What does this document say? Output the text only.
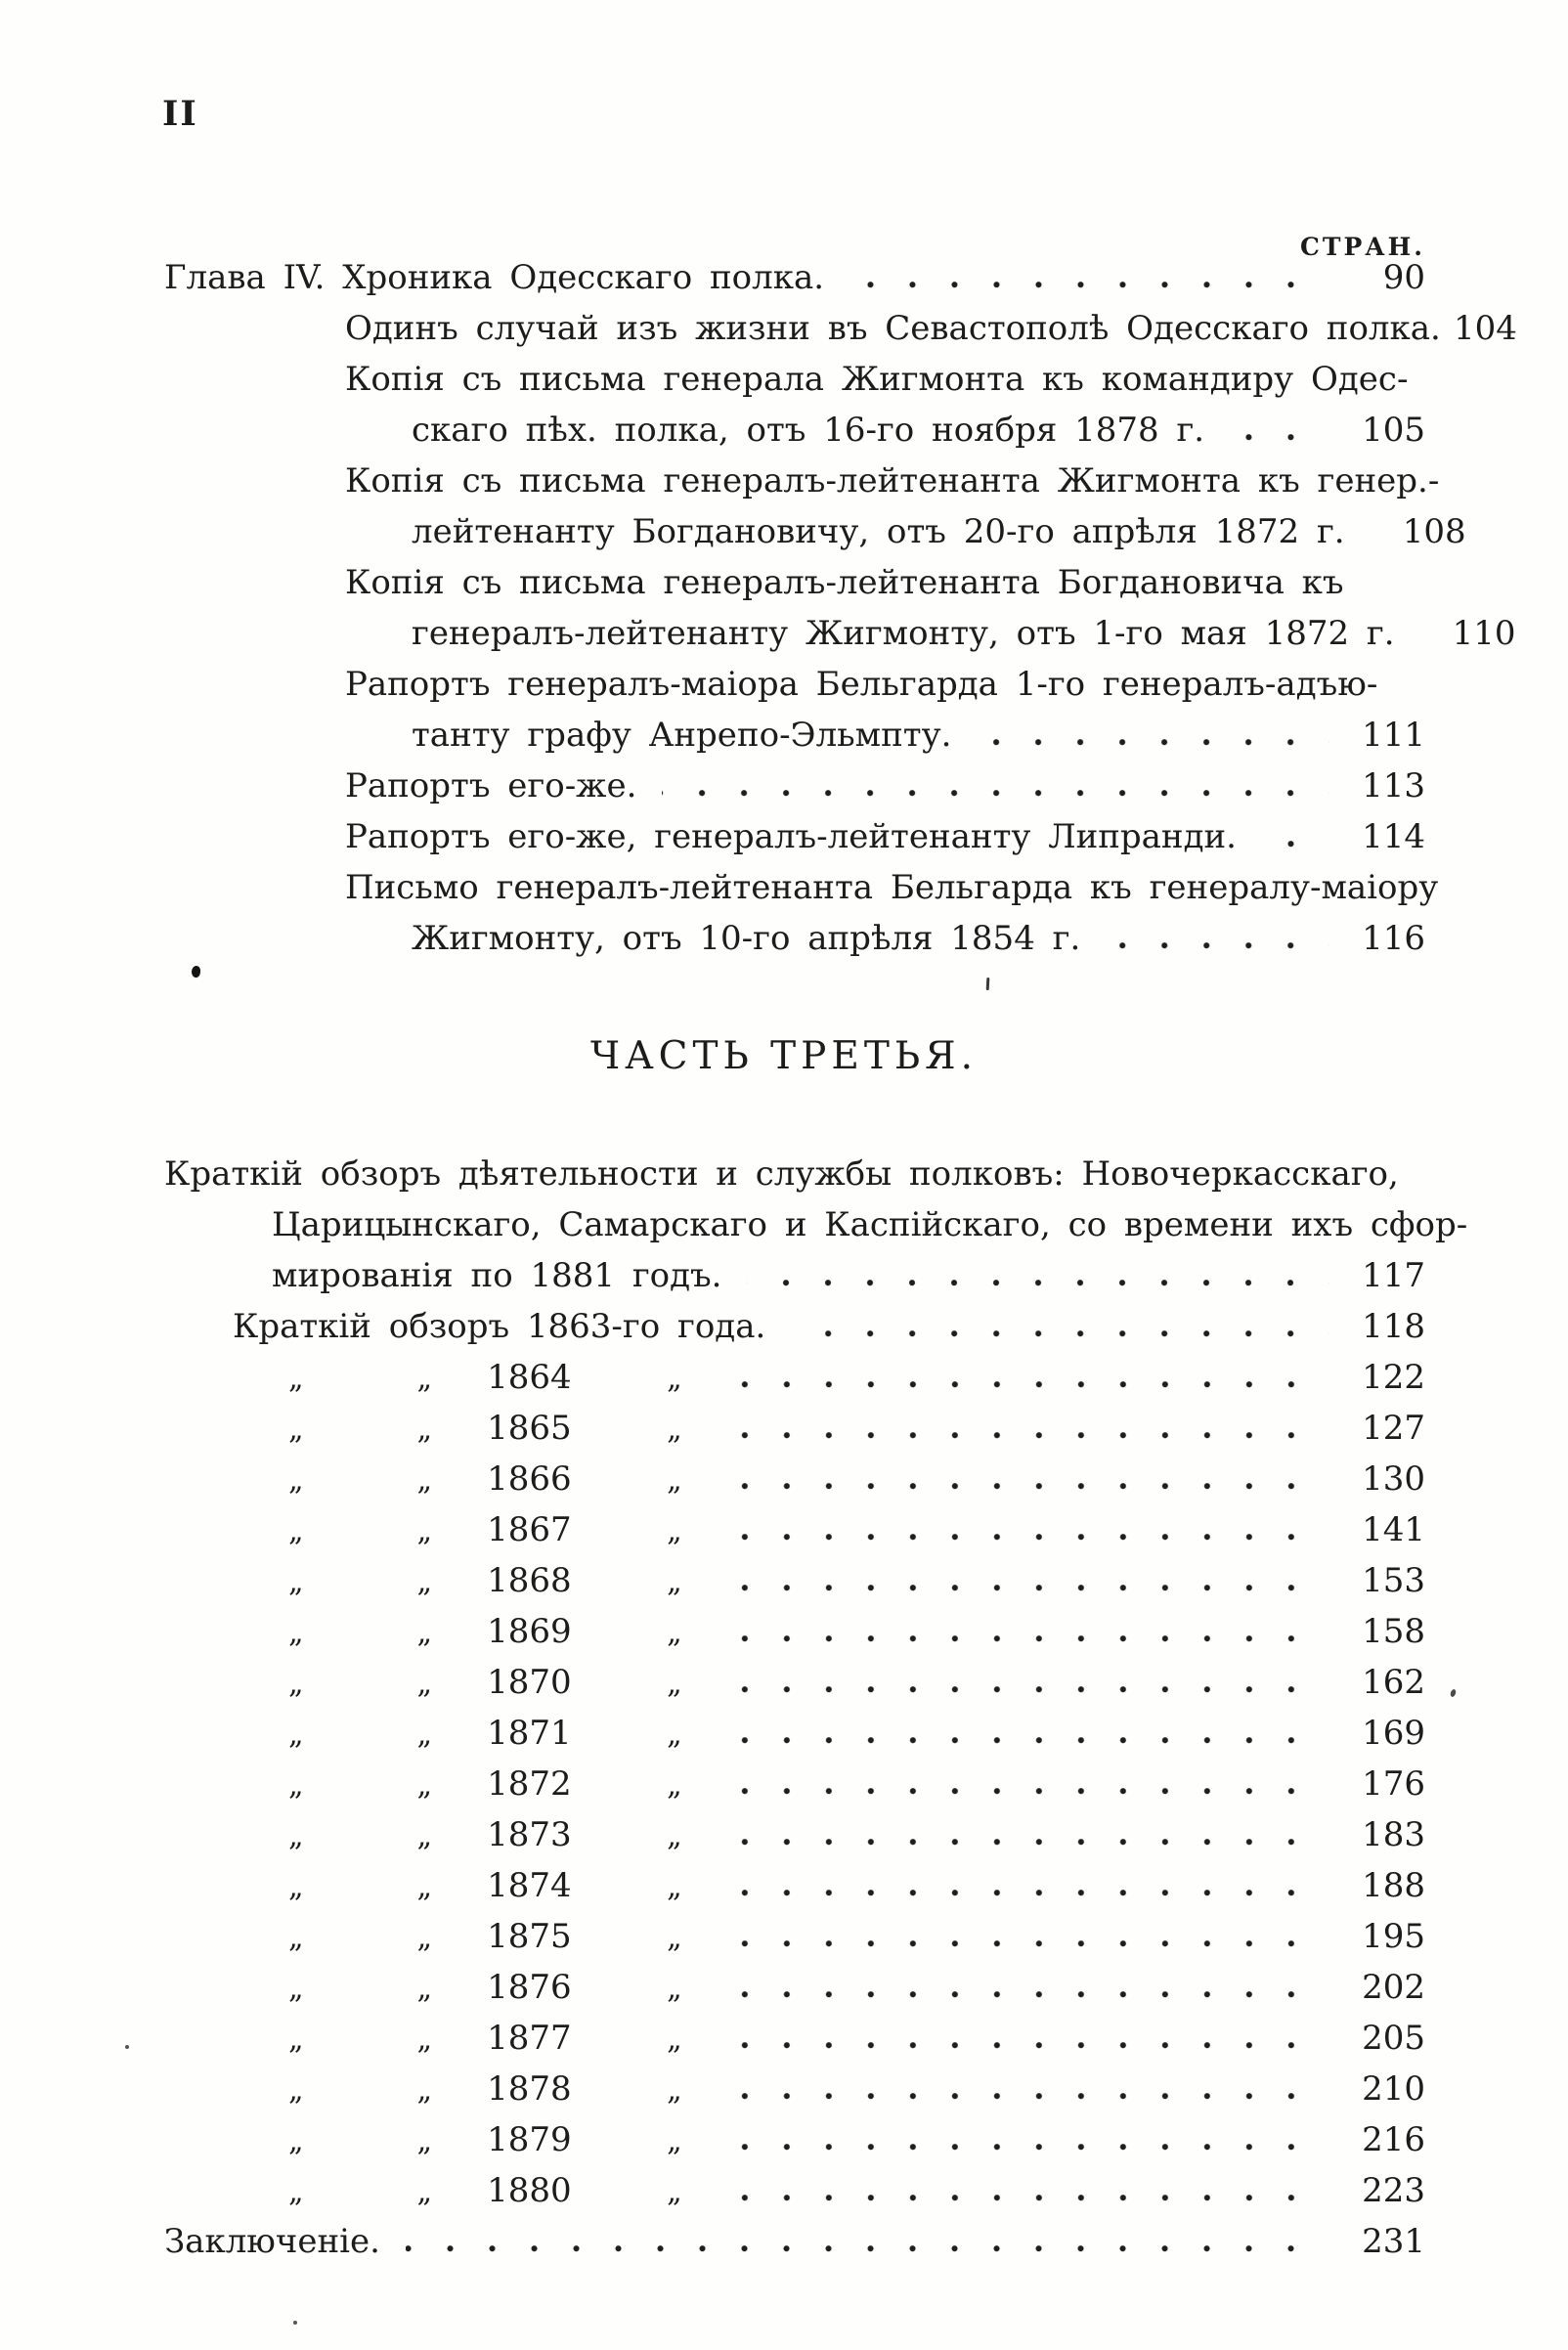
II
СТРАН.
Глава IV. Хроника Одесскаго полка.	90
Одинъ случай изъ жизни въ Севастополѣ Одесскаго полка. 104
Копія съ письма генерала Жигмонта къ командиру Одес-
скаго пѣх. полка, отъ 16-го ноября 1878 г.	105
Копія съ письма генералъ-лейтенанта Жигмонта къ генер.-
лейтенанту Богдановичу, отъ 20-го апрѣля 1872 г.	108
Копія съ письма генералъ-лейтенанта Богдановича къ
генералъ-лейтенанту Жигмонту, отъ 1-го мая 1872 г.	110
Рапортъ генералъ-маіора Бельгарда 1-го генералъ-адъю-
танту графу Анрепо-Эльмпту.	111
Рапортъ его-же.	113
Рапортъ его-же, генералъ-лейтенанту Липранди.	114
Письмо генералъ-лейтенанта Бельгарда къ генералу-маіору
Жигмонту, отъ 10-го апрѣля 1854 г.	116
ЧАСТЬ ТРЕТЬЯ.
Краткій обзоръ дѣятельности и службы полковъ: Новочеркасскаго,
Царицынскаго, Самарскаго и Каспійскаго, со времени ихъ сфор-
мированія по 1881 годъ.	117
Краткій обзоръ 1863-го года.	118
„	„ 1864	„	122
„	„ 1865	„	127
„	„ 1866	„	130
„	„ 1867	„	141
„	„ 1868	„	153
„	„ 1869	„	158
„	„ 1870	„	162
„	„ 1871	„	169
„	„ 1872	„	176
„	„ 1873	„	183
„	„ 1874	„	188
„	„ 1875	„	195
„	„ 1876	„	202
„	„ 1877	„	205
„	„ 1878	„	210
„	„ 1879	„	216
„	„ 1880	„	223
Заключеніе.	231
